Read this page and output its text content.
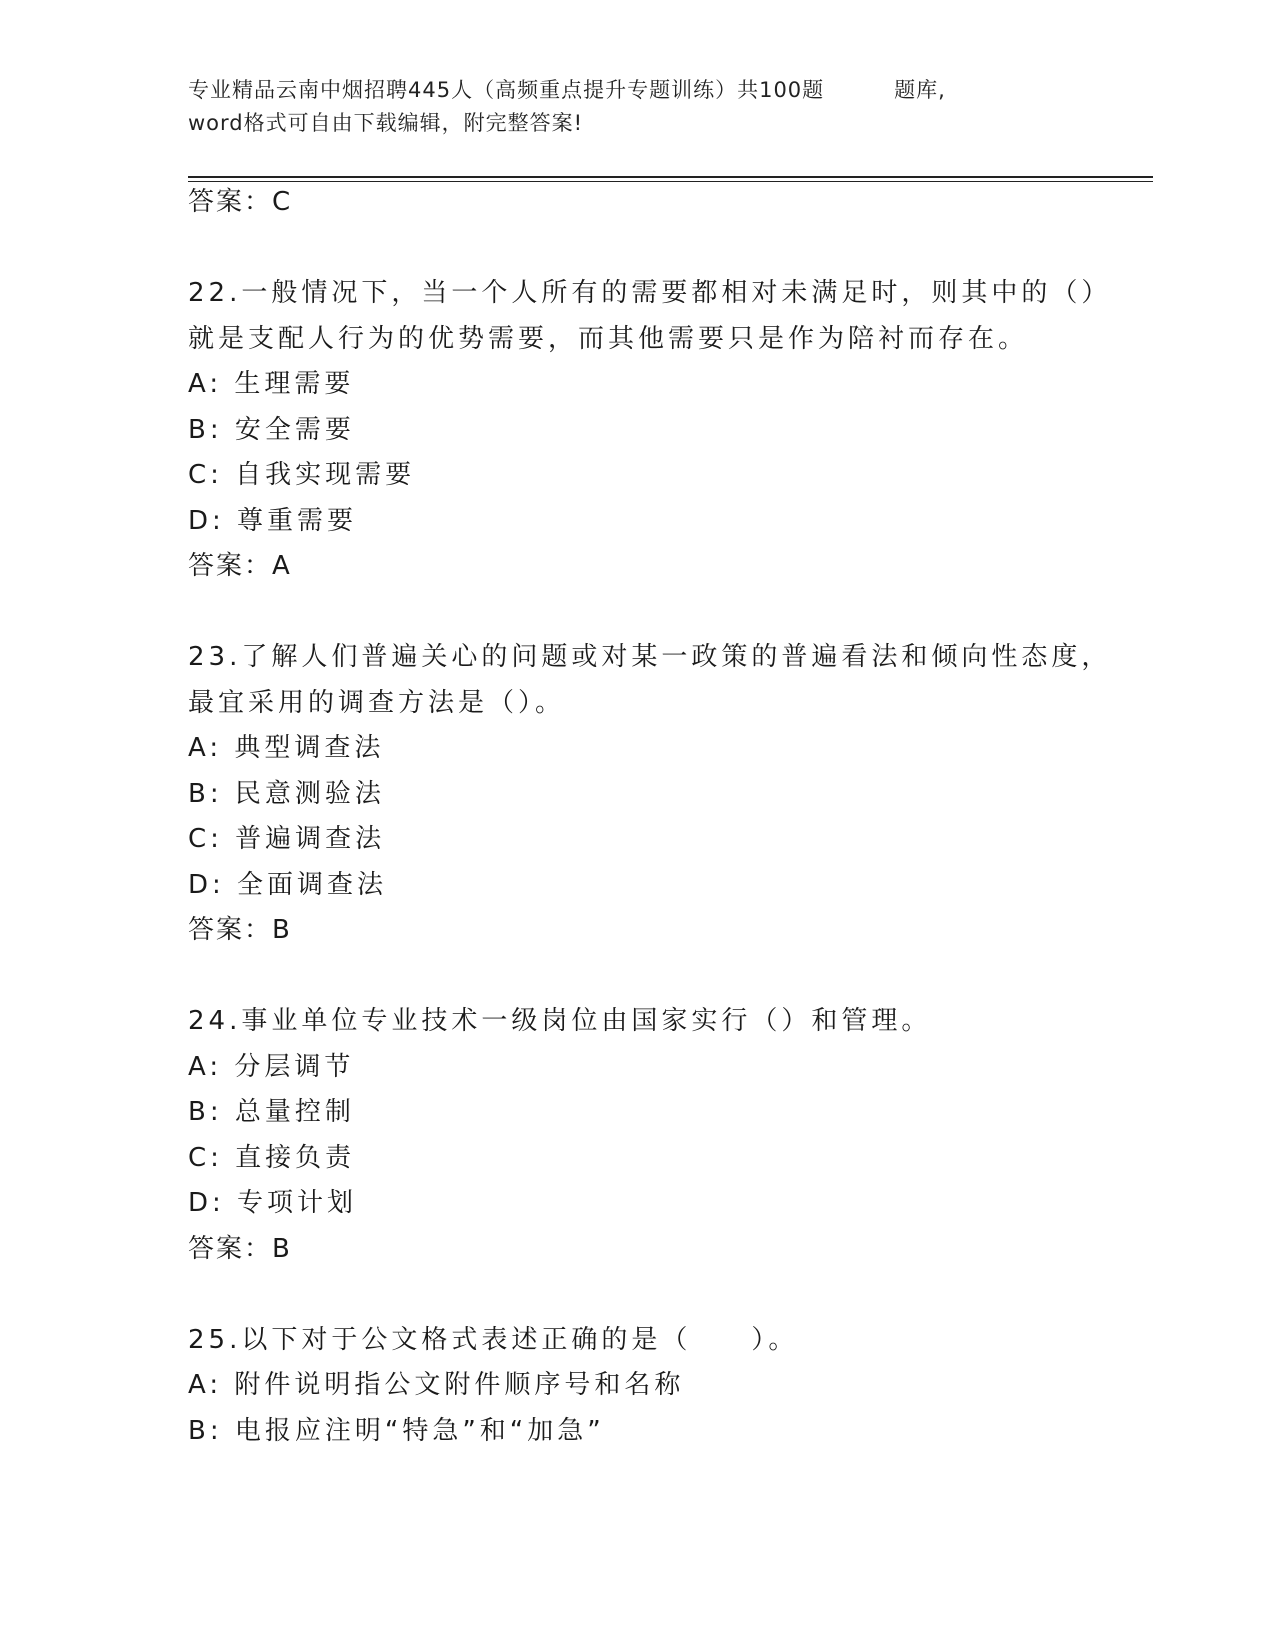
专业精品云南中烟招聘445人（高频重点提升专题训练）共100题	题库,
word格式可自由下载编辑，附完整答案!
答案：C
22.一般情况下，当一个人所有的需要都相对未满足时，则其中的（）
就是支配人行为的优势需要，而其他需要只是作为陪衬而存在。
A: 生理需要
B: 安全需要
C: 自我实现需要
D: 尊重需要
答案：A
23.了解人们普遍关心的问题或对某一政策的普遍看法和倾向性态度，
最宜采用的调查方法是（）。
A: 典型调查法
B: 民意测验法
C: 普遍调查法
D: 全面调查法
答案：B
24.事业单位专业技术一级岗位由国家实行（）和管理。
A: 分层调节
B: 总量控制
C: 直接负责
D: 专项计划
答案：B
25.以下对于公文格式表述正确的是（　　）。
A: 附件说明指公文附件顺序号和名称
B: 电报应注明“特急”和“加急”
